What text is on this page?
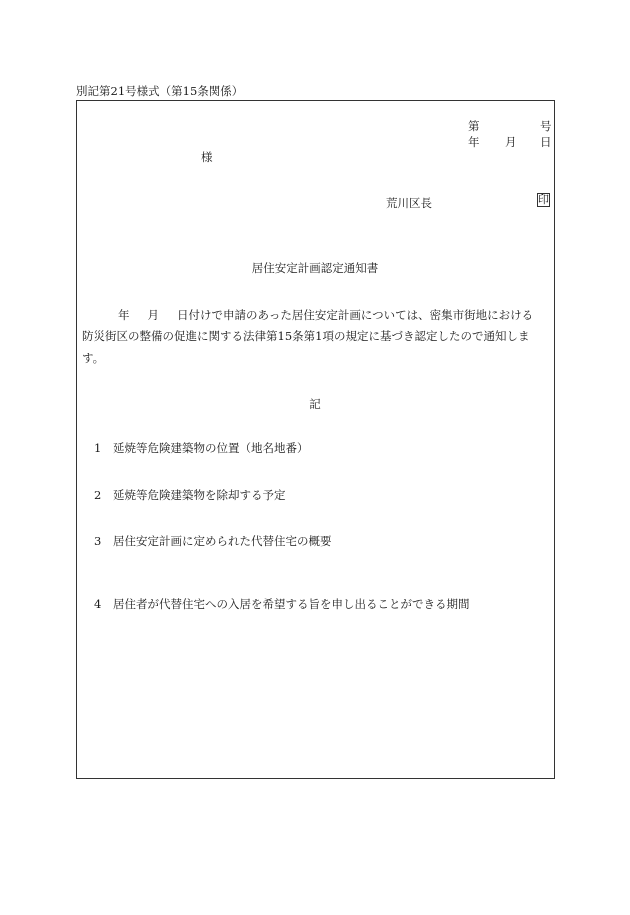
別記第21号様式（第15条関係）
第	号
年 月 日
様
荒川区長	印
居住安定計画認定通知書
年 月 日付けで申請のあった居住安定計画については、密集市街地における
防災街区の整備の促進に関する法律第15条第1項の規定に基づき認定したので通知しま
す。
記
1 延焼等危険建築物の位置（地名地番）
2 延焼等危険建築物を除却する予定
3 居住安定計画に定められた代替住宅の概要
4 居住者が代替住宅への入居を希望する旨を申し出ることができる期間
